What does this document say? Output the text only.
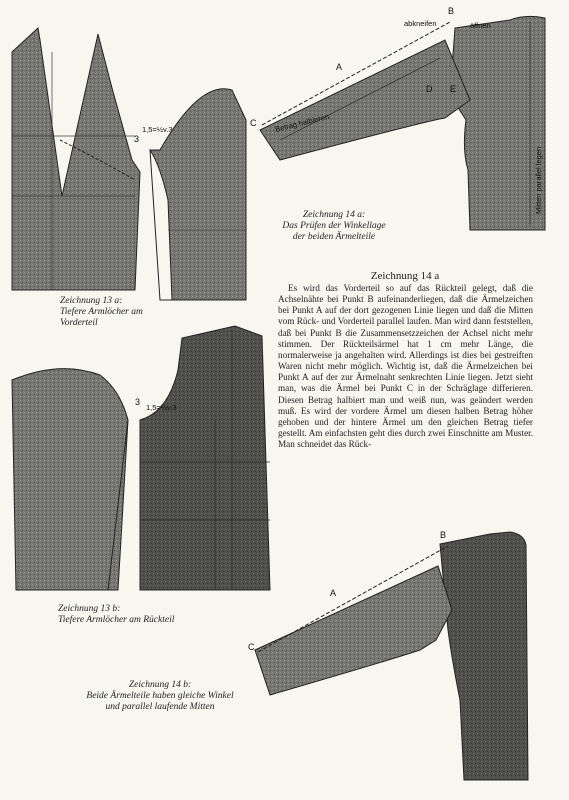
3
1,5=½v.3
3
1,5=½v.3
abkneifen	öffnen
B
A
C
D E
Betrag halbieren
Mitten parallel legen
B
A
C
Zeichnung 13 a:
Tiefere Armlöcher am
Vorderteil
Zeichnung 13 b:
Tiefere Armlöcher am Rückteil
Zeichnung 14 a:
Das Prüfen der Winkellage
der beiden Ärmelteile
Zeichnung 14 b:
Beide Ärmelteile haben gleiche Winkel
und parallel laufende Mitten
Zeichnung 14 a
Es wird das Vorderteil so auf das Rückteil gelegt, daß die Achselnähte bei Punkt B aufeinanderliegen, daß die Ärmelzeichen bei Punkt A auf der dort gezogenen Linie liegen und daß die Mitten vom Rück- und Vorderteil parallel laufen. Man wird dann feststellen, daß bei Punkt B die Zusammensetzzeichen der Achsel nicht mehr stimmen. Der Rückteilsärmel hat 1 cm mehr Länge, die normalerweise ja angehalten wird. Allerdings ist dies bei gestreiften Waren nicht mehr möglich. Wichtig ist, daß die Ärmelzeichen bei Punkt A auf der zur Ärmelnaht senkrechten Linie liegen. Jetzt sieht man, was die Ärmel bei Punkt C in der Schräglage differieren. Diesen Betrag halbiert man und weiß nun, was geändert werden muß. Es wird der vordere Ärmel um diesen halben Betrag höher gehoben und der hintere Ärmel um den gleichen Betrag tiefer gestellt. Am einfachsten geht dies durch zwei Einschnitte am Muster. Man schneidet das Rück-
